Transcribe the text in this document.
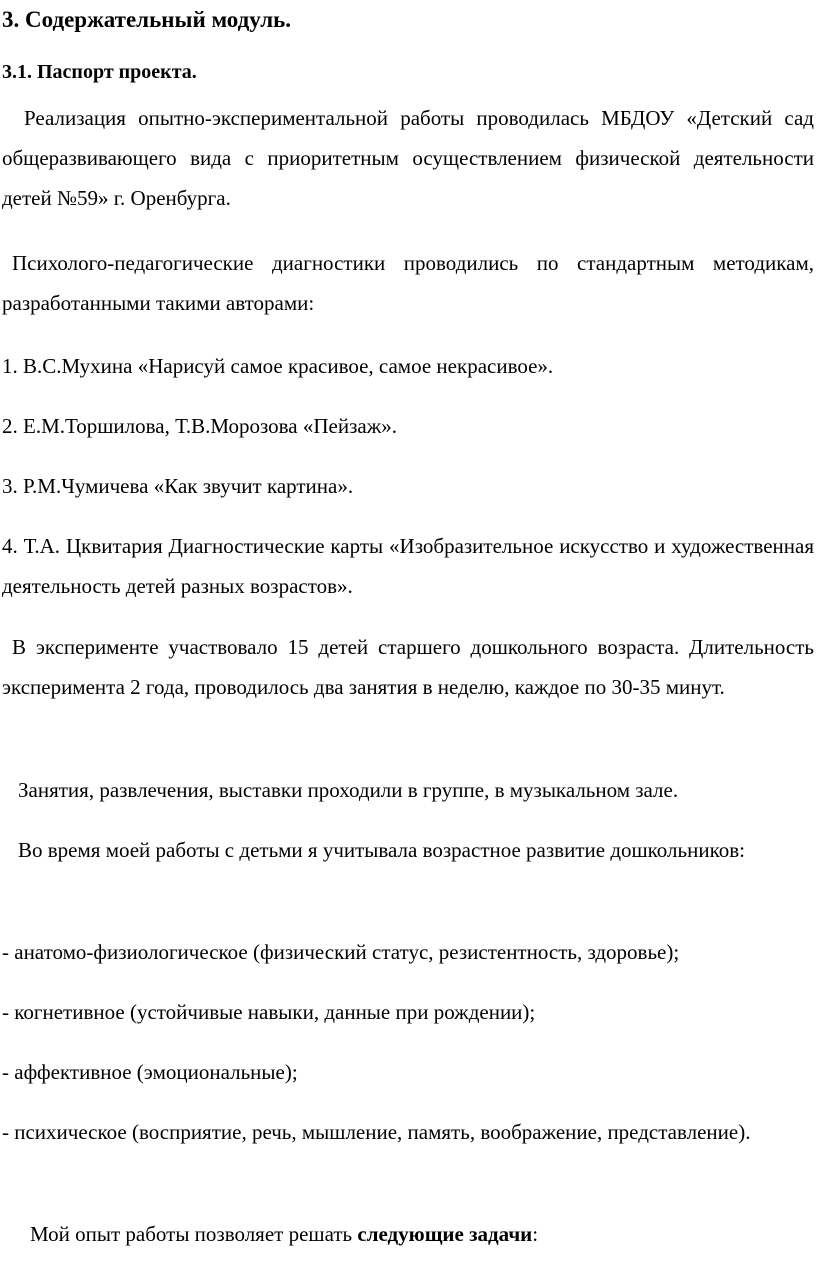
3. Содержательный модуль.
3.1. Паспорт проекта.

Реализация опытно-экспериментальной работы проводилась МБДОУ «Детский сад общеразвивающего вида с приоритетным осуществлением физической деятельности детей №59» г. Оренбурга.

Психолого-педагогические диагностики проводились по стандартным методикам, разработанными такими авторами:

1. В.С.Мухина «Нарисуй самое красивое, самое некрасивое».

2. Е.М.Торшилова, Т.В.Морозова «Пейзаж».

3. Р.М.Чумичева «Как звучит картина».

4. Т.А. Цквитария Диагностические карты «Изобразительное искусство и художественная деятельность детей разных возрастов».

В эксперименте участвовало 15 детей старшего дошкольного возраста. Длительность эксперимента 2 года, проводилось два занятия в неделю, каждое по 30-35 минут.

Занятия, развлечения, выставки проходили в группе, в музыкальном зале.

Во время моей работы с детьми я учитывала возрастное развитие дошкольников:

- анатомо-физиологическое (физический статус, резистентность, здоровье);

- когнетивное (устойчивые навыки, данные при рождении);

- аффективное (эмоциональные);

- психическое (восприятие, речь, мышление, память, воображение, представление).

Мой опыт работы позволяет решать следующие задачи:
